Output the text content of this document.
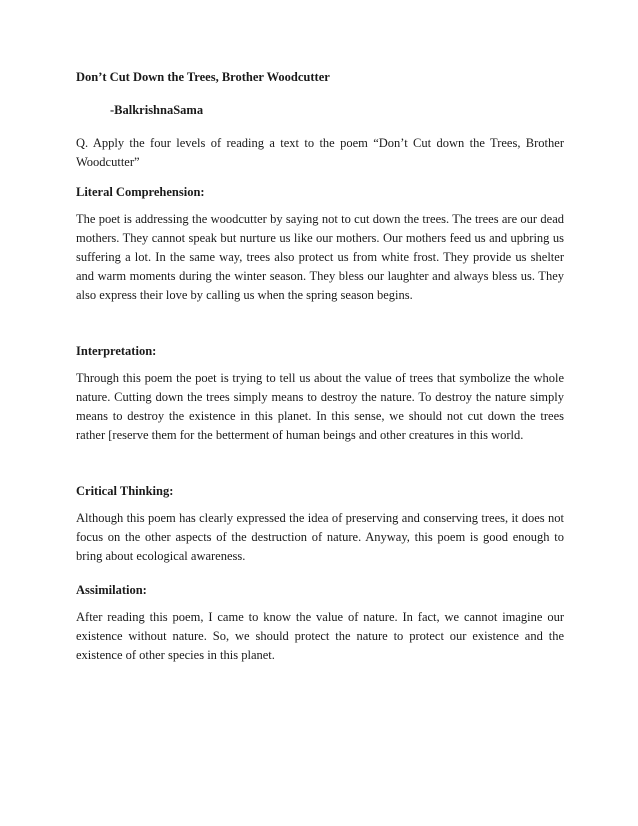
Don’t Cut Down the Trees, Brother Woodcutter
-BalkrishnaSama

Q. Apply the four levels of reading a text to the poem “Don’t Cut down the Trees, Brother Woodcutter”

Literal Comprehension:

The poet is addressing the woodcutter by saying not to cut down the trees. The trees are our dead mothers. They cannot speak but nurture us like our mothers. Our mothers feed us and upbring us suffering a lot. In the same way, trees also protect us from white frost. They provide us shelter and warm moments during the winter season. They bless our laughter and always bless us. They also express their love by calling us when the spring season begins.

Interpretation:

Through this poem the poet is trying to tell us about the value of trees that symbolize the whole nature. Cutting down the trees simply means to destroy the nature. To destroy the nature simply means to destroy the existence in this planet. In this sense, we should not cut down the trees rather [reserve them for the betterment of human beings and other creatures in this world.

Critical Thinking:

Although this poem has clearly expressed the idea of preserving and conserving trees, it does not focus on the other aspects of the destruction of nature. Anyway, this poem is good enough to bring about ecological awareness.

Assimilation:

After reading this poem, I came to know the value of nature. In fact, we cannot imagine our existence without nature. So, we should protect the nature to protect our existence and the existence of other species in this planet.
